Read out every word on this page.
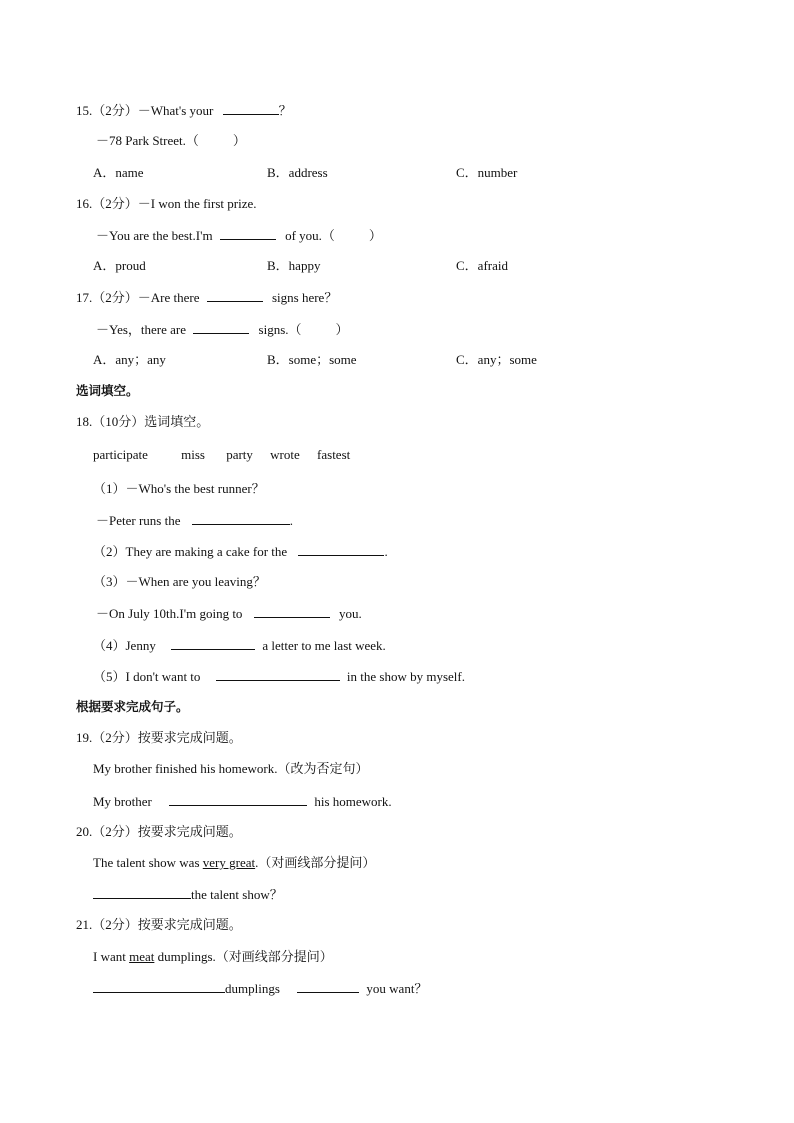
15.（2分）－What's your	？
－78 Park Street.（	）
A．name	B．address	C．number
16.（2分）－I won the first prize.
－You are the best.I'm	of you.（	）
A．proud	B．happy	C．afraid
17.（2分）－Are there	signs here？
－Yes，there are	signs.（	）
A．any；any	B．some；some	C．any；some
选词填空。
18.（10分）选词填空。
participate	miss party wrote fastest
（1）－Who's the best runner？
－Peter runs the	.
（2）They are making a cake for the	.
（3）－When are you leaving？
－On July 10th.I'm going to	you.
（4）Jenny	a letter to me last week.
（5）I don't want to	in the show by myself.
根据要求完成句子。
19.（2分）按要求完成问题。
My brother finished his homework.（改为否定句）
My brother	his homework.
20.（2分）按要求完成问题。
The talent show was very great.（对画线部分提问）
the talent show？
21.（2分）按要求完成问题。
I want meat dumplings.（对画线部分提问）
dumplings	you want？
